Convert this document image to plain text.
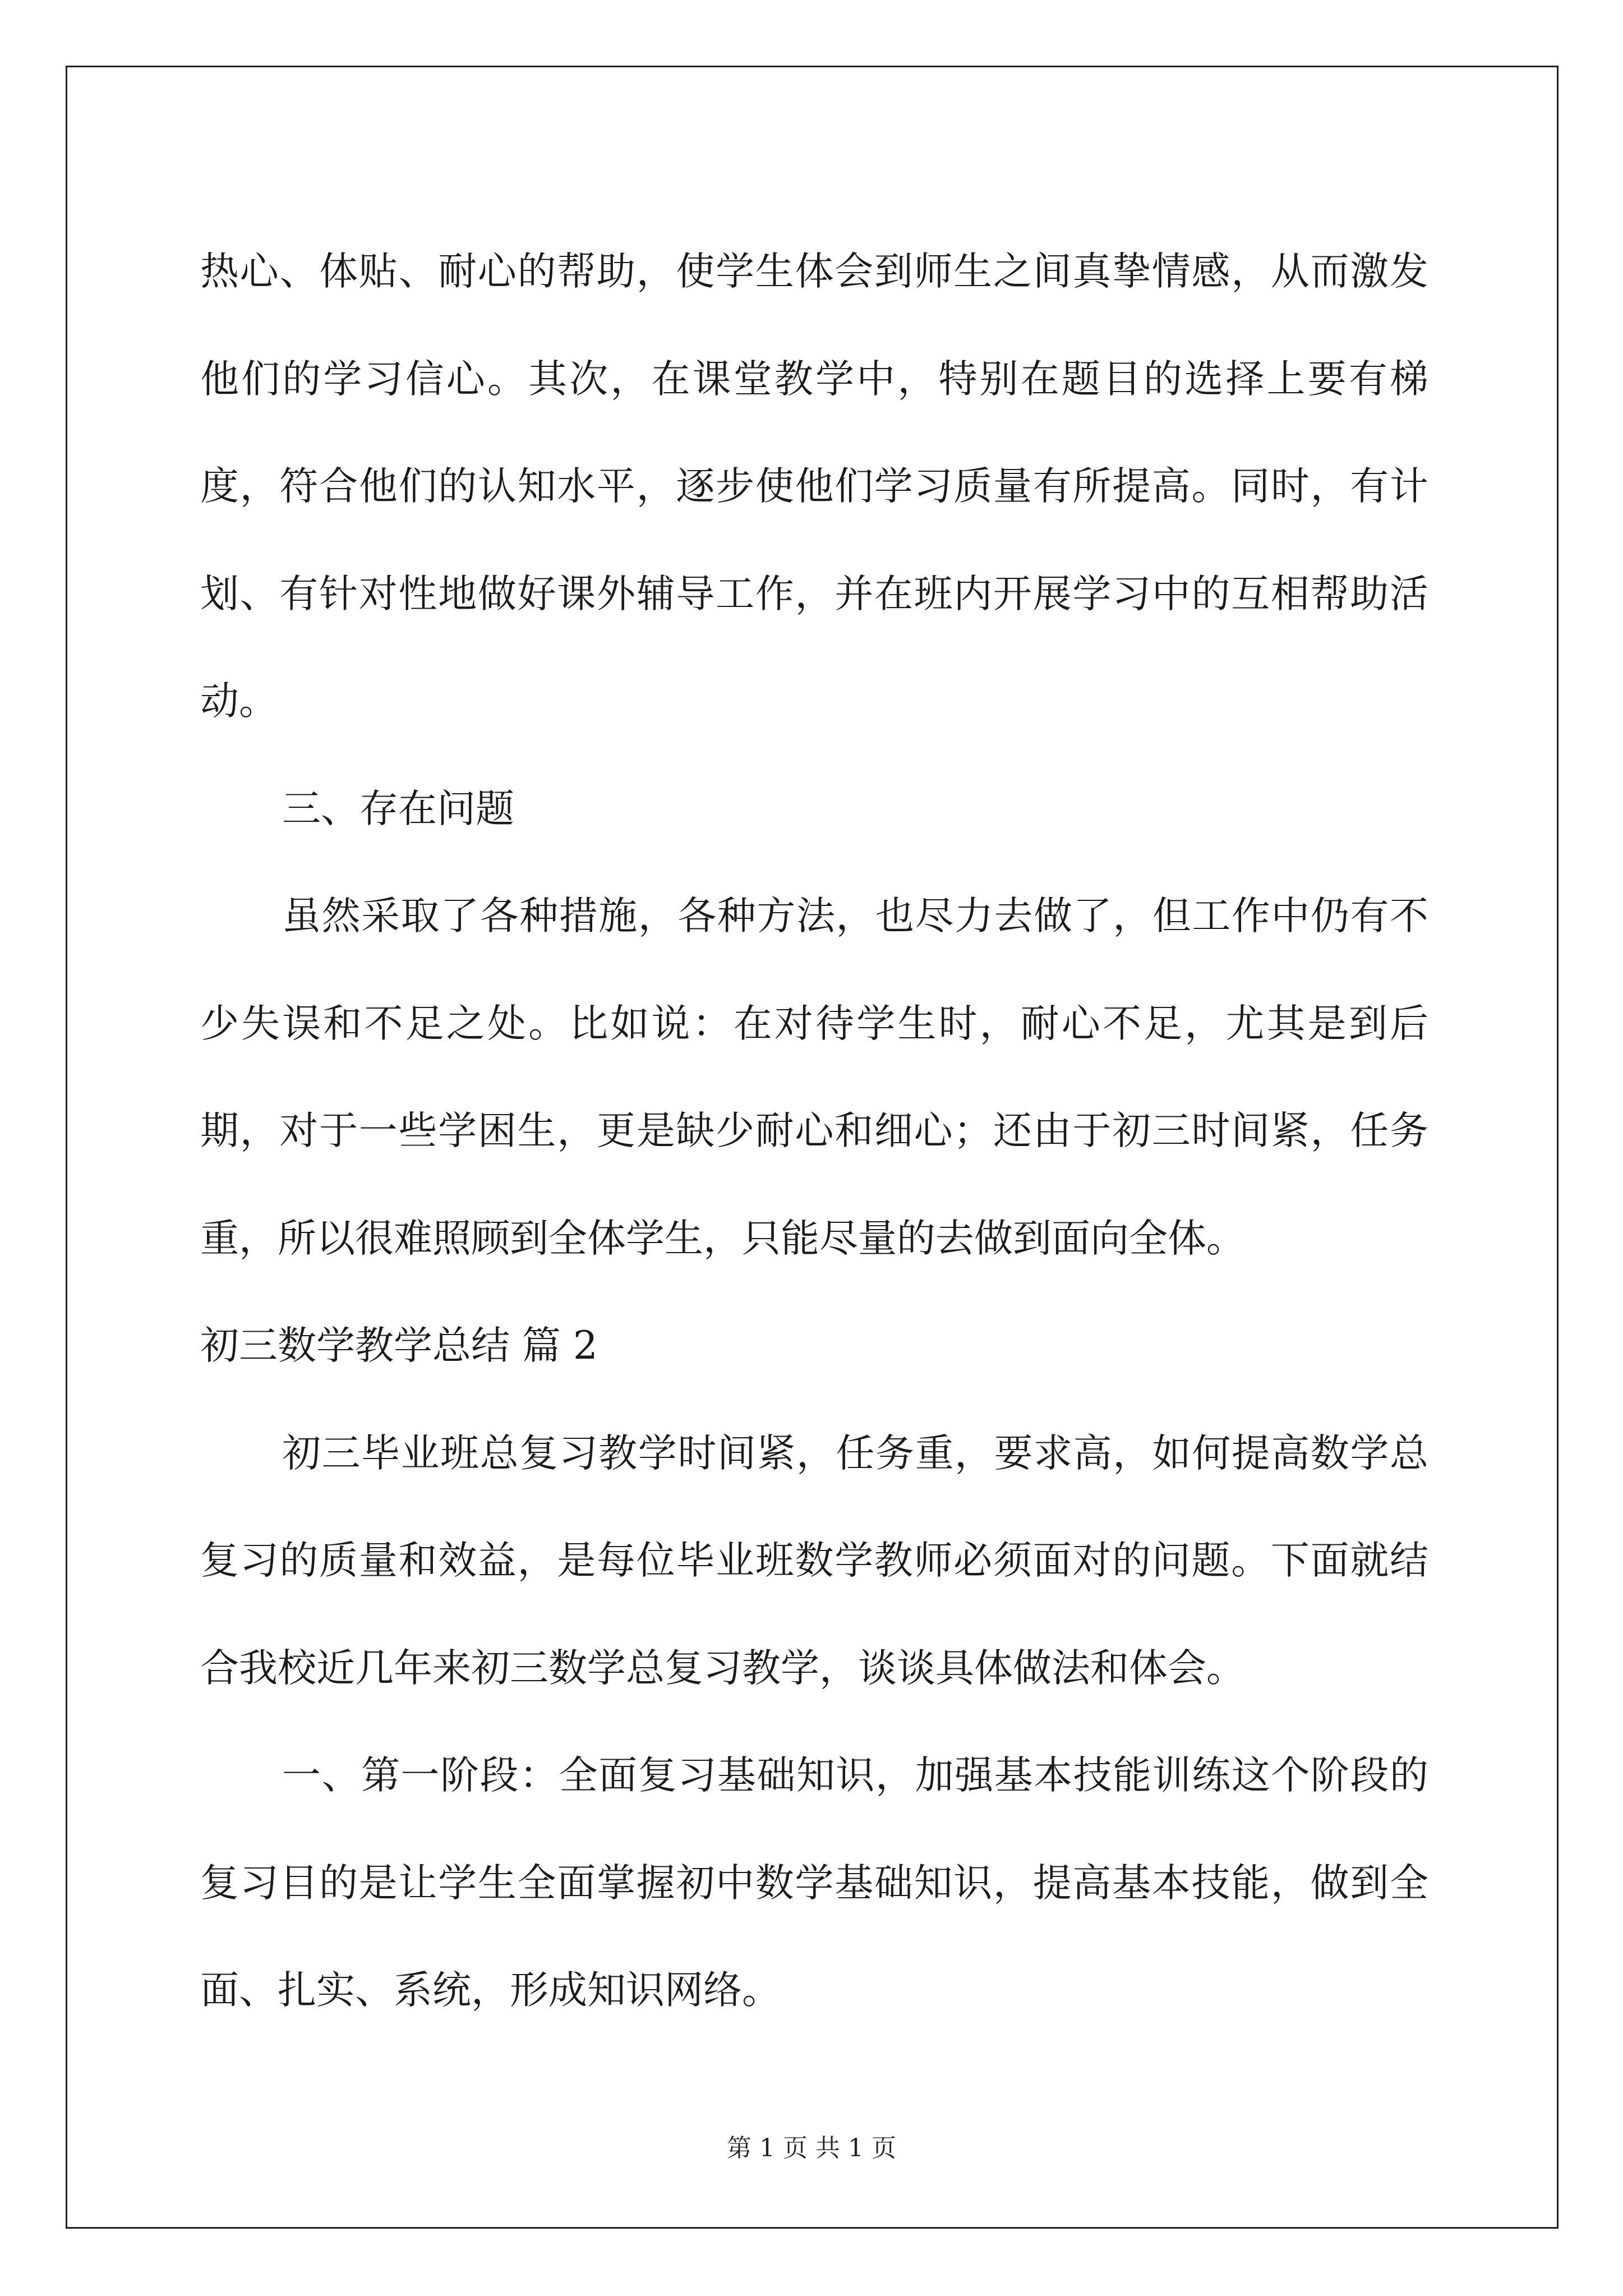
热心、体贴、耐心的帮助，使学生体会到师生之间真挚情感，从而激发他们的学习信心。其次，在课堂教学中，特别在题目的选择上要有梯度，符合他们的认知水平，逐步使他们学习质量有所提高。同时，有计划、有针对性地做好课外辅导工作，并在班内开展学习中的互相帮助活动。

三、存在问题

虽然采取了各种措施，各种方法，也尽力去做了，但工作中仍有不少失误和不足之处。比如说：在对待学生时，耐心不足，尤其是到后期，对于一些学困生，更是缺少耐心和细心；还由于初三时间紧，任务重，所以很难照顾到全体学生，只能尽量的去做到面向全体。

初三数学教学总结 篇 2

初三毕业班总复习教学时间紧，任务重，要求高，如何提高数学总复习的质量和效益，是每位毕业班数学教师必须面对的问题。下面就结合我校近几年来初三数学总复习教学，谈谈具体做法和体会。

一、第一阶段：全面复习基础知识，加强基本技能训练这个阶段的复习目的是让学生全面掌握初中数学基础知识，提高基本技能，做到全面、扎实、系统，形成知识网络。

第 1 页 共 1 页
